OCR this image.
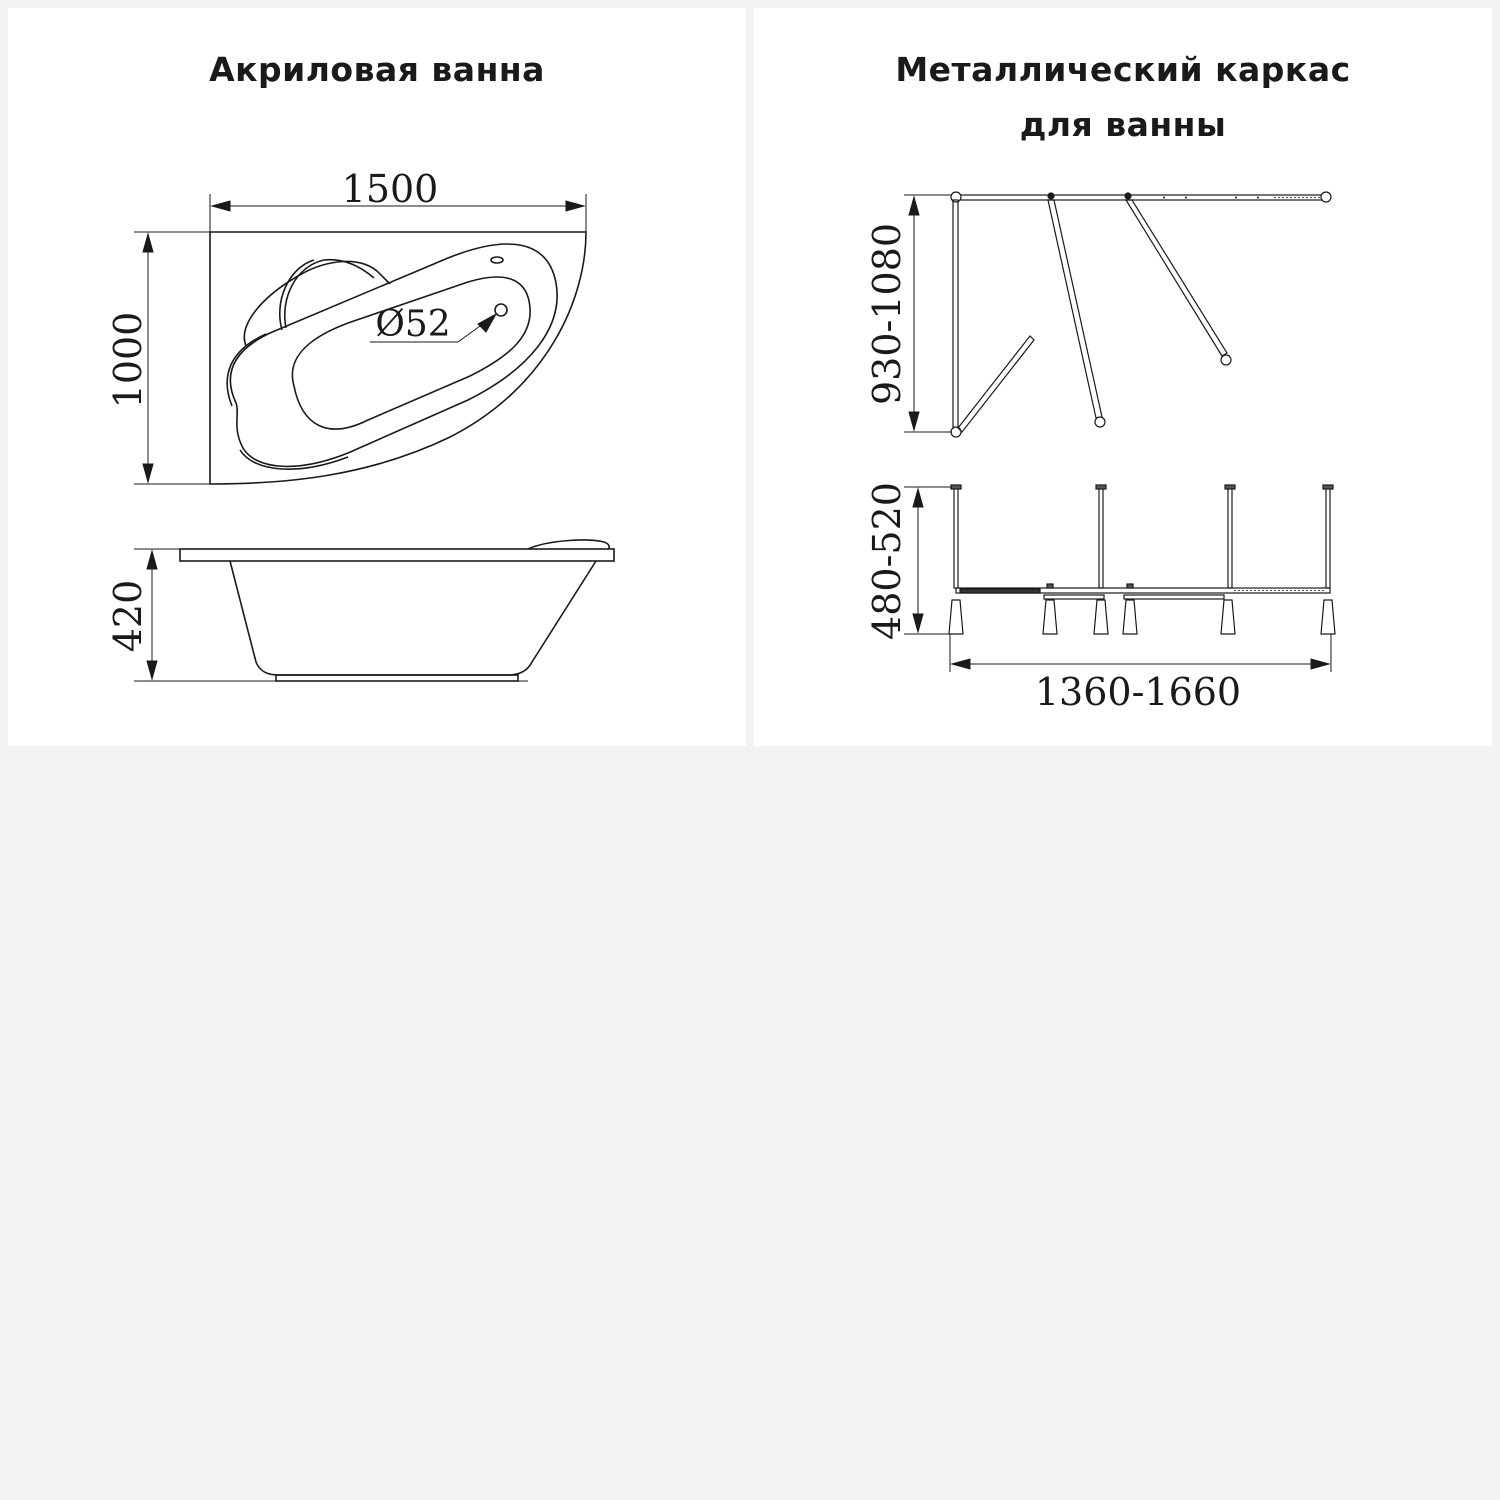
Акриловая ванна
1500
1000	Ø52
420
Металлический каркас
для ванны
930-1080
480-520
1360-1660
